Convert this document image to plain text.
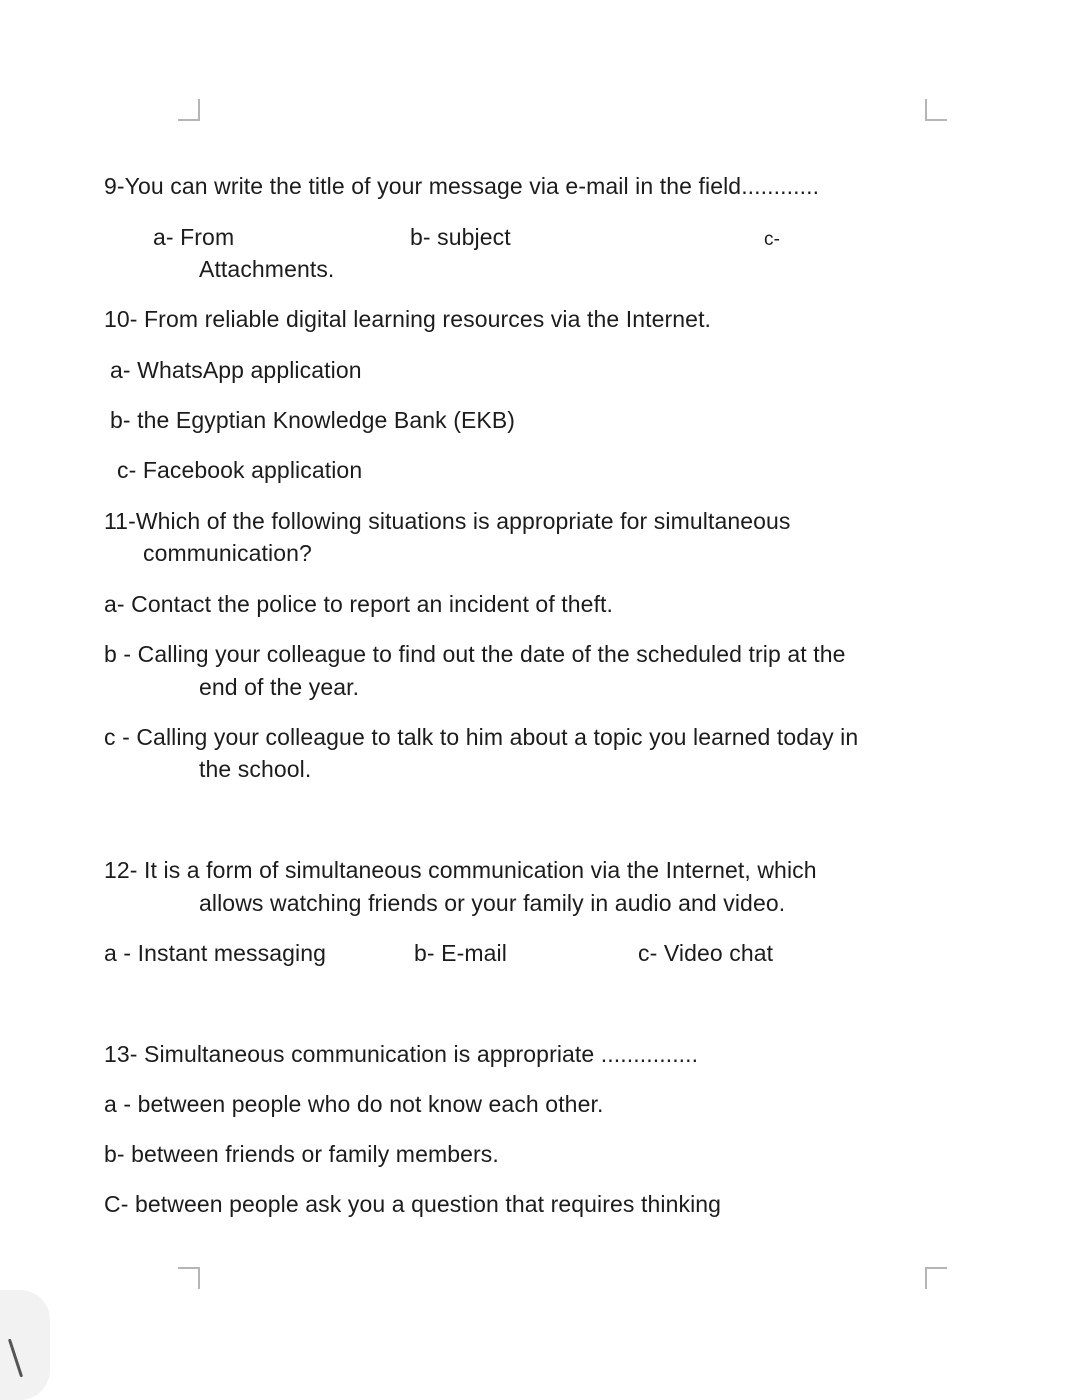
9-You can write the title of your message via e-mail in the field............
a- From	b- subject	c-
Attachments.
10- From reliable digital learning resources via the Internet.
a- WhatsApp application
b- the Egyptian Knowledge Bank (EKB)
c- Facebook application
11-Which of the following situations is appropriate for simultaneous
communication?
a- Contact the police to report an incident of theft.
b - Calling your colleague to find out the date of the scheduled trip at the
end of the year.
c - Calling your colleague to talk to him about a topic you learned today in
the school.
12- It is a form of simultaneous communication via the Internet, which
allows watching friends or your family in audio and video.
a - Instant messaging	b- E-mail	c- Video chat
13- Simultaneous communication is appropriate ...............
a - between people who do not know each other.
b- between friends or family members.
C- between people ask you a question that requires thinking
